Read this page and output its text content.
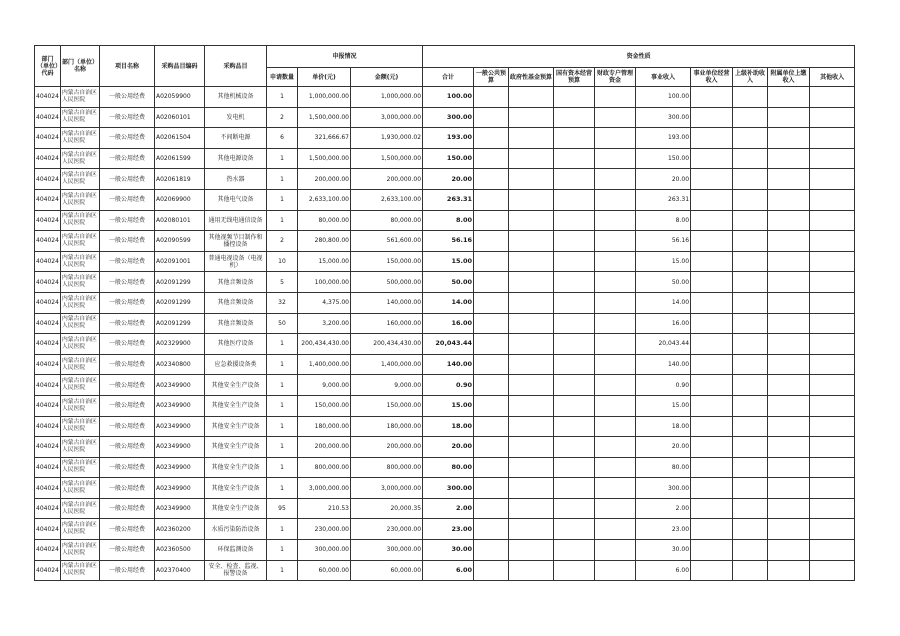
部门（单位）代码	部门（单位）名称	项目名称	采购品目编码	采购品目	申报情况			资金性质									
					申请数量	单价(元)	金额(元)	合计	一般公共预算	政府性基金预算	国有资本经营预算	财政专户管理资金	事业收入	事业单位经营收入	上级补助收入	附属单位上缴收入	其他收入
404024	内蒙古自治区人民医院	一般公用经费	A02059900	其他机械设备	1	1,000,000.00	1,000,000.00	100.00					100.00				
404024	内蒙古自治区人民医院	一般公用经费	A02060101	发电机	2	1,500,000.00	3,000,000.00	300.00					300.00				
404024	内蒙古自治区人民医院	一般公用经费	A02061504	不间断电源	6	321,666.67	1,930,000.02	193.00					193.00				
404024	内蒙古自治区人民医院	一般公用经费	A02061599	其他电源设备	1	1,500,000.00	1,500,000.00	150.00					150.00				
404024	内蒙古自治区人民医院	一般公用经费	A02061819	热水器	1	200,000.00	200,000.00	20.00					20.00				
404024	内蒙古自治区人民医院	一般公用经费	A02069900	其他电气设备	1	2,633,100.00	2,633,100.00	263.31					263.31				
404024	内蒙古自治区人民医院	一般公用经费	A02080101	通用无线电通信设备	1	80,000.00	80,000.00	8.00					8.00				
404024	内蒙古自治区人民医院	一般公用经费	A02090599	其他视频节目制作和播控设备	2	280,800.00	561,600.00	56.16					56.16				
404024	内蒙古自治区人民医院	一般公用经费	A02091001	普通电视设备（电视机）	10	15,000.00	150,000.00	15.00					15.00				
404024	内蒙古自治区人民医院	一般公用经费	A02091299	其他音频设备	5	100,000.00	500,000.00	50.00					50.00				
404024	内蒙古自治区人民医院	一般公用经费	A02091299	其他音频设备	32	4,375.00	140,000.00	14.00					14.00				
404024	内蒙古自治区人民医院	一般公用经费	A02091299	其他音频设备	50	3,200.00	160,000.00	16.00					16.00				
404024	内蒙古自治区人民医院	一般公用经费	A02329900	其他医疗设备	1	200,434,430.00	200,434,430.00	20,043.44					20,043.44				
404024	内蒙古自治区人民医院	一般公用经费	A02340800	应急救援设备类	1	1,400,000.00	1,400,000.00	140.00					140.00				
404024	内蒙古自治区人民医院	一般公用经费	A02349900	其他安全生产设备	1	9,000.00	9,000.00	0.90					0.90				
404024	内蒙古自治区人民医院	一般公用经费	A02349900	其他安全生产设备	1	150,000.00	150,000.00	15.00					15.00				
404024	内蒙古自治区人民医院	一般公用经费	A02349900	其他安全生产设备	1	180,000.00	180,000.00	18.00					18.00				
404024	内蒙古自治区人民医院	一般公用经费	A02349900	其他安全生产设备	1	200,000.00	200,000.00	20.00					20.00				
404024	内蒙古自治区人民医院	一般公用经费	A02349900	其他安全生产设备	1	800,000.00	800,000.00	80.00					80.00				
404024	内蒙古自治区人民医院	一般公用经费	A02349900	其他安全生产设备	1	3,000,000.00	3,000,000.00	300.00					300.00				
404024	内蒙古自治区人民医院	一般公用经费	A02349900	其他安全生产设备	95	210.53	20,000.35	2.00					2.00				
404024	内蒙古自治区人民医院	一般公用经费	A02360200	水质污染防治设备	1	230,000.00	230,000.00	23.00					23.00				
404024	内蒙古自治区人民医院	一般公用经费	A02360500	环保监测设备	1	300,000.00	300,000.00	30.00					30.00				
404024	内蒙古自治区人民医院	一般公用经费	A02370400	安全、检查、监视、报警设备	1	60,000.00	60,000.00	6.00					6.00				
